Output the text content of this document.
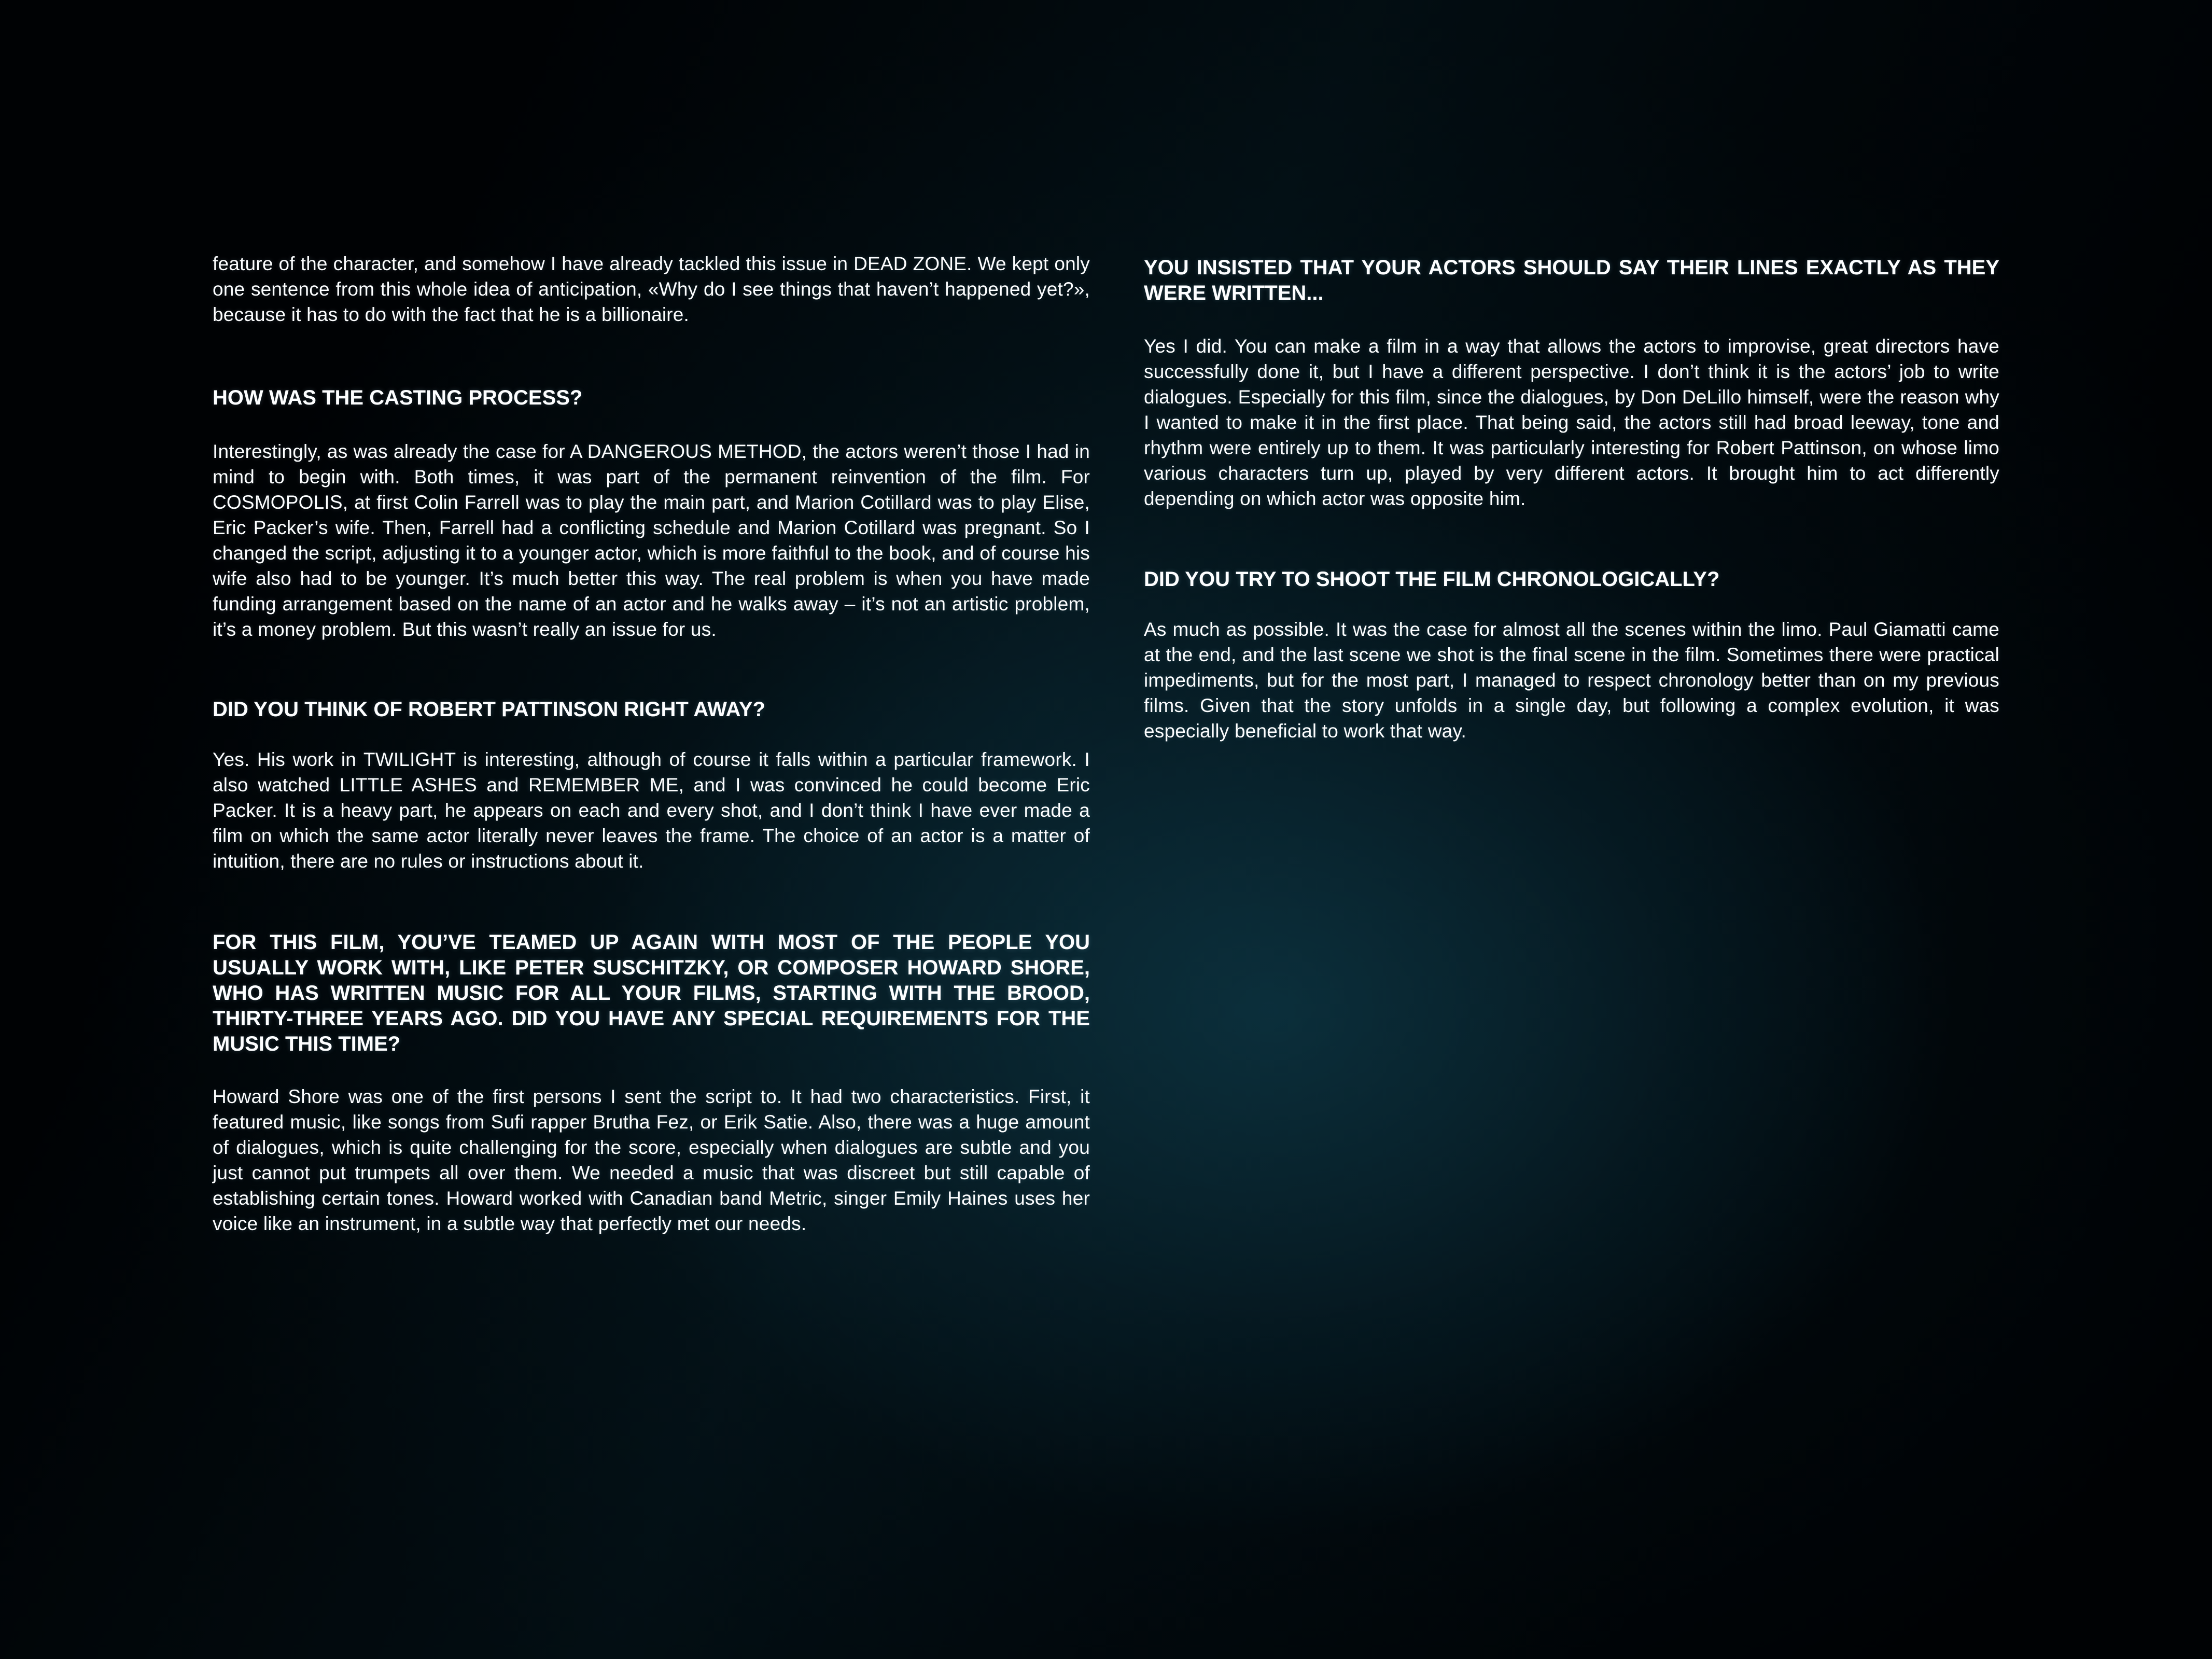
feature of the character, and somehow I have already tackled this issue in DEAD ZONE. We kept only one sentence from this whole idea of anticipation, «Why do I see things that haven’t happened yet?», because it has to do with the fact that he is a billionaire.

HOW WAS THE CASTING PROCESS?

Interestingly, as was already the case for A DANGEROUS METHOD, the actors weren’t those I had in mind to begin with. Both times, it was part of the permanent reinvention of the film. For COSMOPOLIS, at first Colin Farrell was to play the main part, and Marion Cotillard was to play Elise, Eric Packer’s wife. Then, Farrell had a conflicting schedule and Marion Cotillard was pregnant. So I changed the script, adjusting it to a younger actor, which is more faithful to the book, and of course his wife also had to be younger. It’s much better this way. The real problem is when you have made funding arrangement based on the name of an actor and he walks away – it’s not an artistic problem, it’s a money problem. But this wasn’t really an issue for us.

DID YOU THINK OF ROBERT PATTINSON RIGHT AWAY?

Yes. His work in TWILIGHT is interesting, although of course it falls within a particular framework. I also watched LITTLE ASHES and REMEMBER ME, and I was convinced he could become Eric Packer. It is a heavy part, he appears on each and every shot, and I don’t think I have ever made a film on which the same actor literally never leaves the frame. The choice of an actor is a matter of intuition, there are no rules or instructions about it.

FOR THIS FILM, YOU’VE TEAMED UP AGAIN WITH MOST OF THE PEOPLE YOU USUALLY WORK WITH, LIKE PETER SUSCHITZKY, OR COMPOSER HOWARD SHORE, WHO HAS WRITTEN MUSIC FOR ALL YOUR FILMS, STARTING WITH THE BROOD, THIRTY-THREE YEARS AGO. DID YOU HAVE ANY SPECIAL REQUIREMENTS FOR THE MUSIC THIS TIME?

Howard Shore was one of the first persons I sent the script to. It had two characteristics. First, it featured music, like songs from Sufi rapper Brutha Fez, or Erik Satie. Also, there was a huge amount of dialogues, which is quite challenging for the score, especially when dialogues are subtle and you just cannot put trumpets all over them. We needed a music that was discreet but still capable of establishing certain tones. Howard worked with Canadian band Metric, singer Emily Haines uses her voice like an instrument, in a subtle way that perfectly met our needs.

YOU INSISTED THAT YOUR ACTORS SHOULD SAY THEIR LINES EXACTLY AS THEY WERE WRITTEN...

Yes I did. You can make a film in a way that allows the actors to improvise, great directors have successfully done it, but I have a different perspective. I don’t think it is the actors’ job to write dialogues. Especially for this film, since the dialogues, by Don DeLillo himself, were the reason why I wanted to make it in the first place. That being said, the actors still had broad leeway, tone and rhythm were entirely up to them. It was particularly interesting for Robert Pattinson, on whose limo various characters turn up, played by very different actors. It brought him to act differently depending on which actor was opposite him.

DID YOU TRY TO SHOOT THE FILM CHRONOLOGICALLY?

As much as possible. It was the case for almost all the scenes within the limo. Paul Giamatti came at the end, and the last scene we shot is the final scene in the film. Sometimes there were practical impediments, but for the most part, I managed to respect chronology better than on my previous films. Given that the story unfolds in a single day, but following a complex evolution, it was especially beneficial to work that way.
